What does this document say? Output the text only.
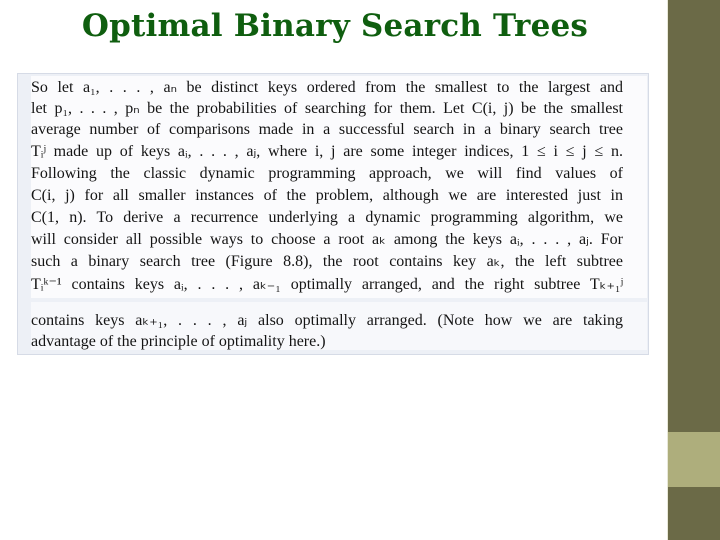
Optimal Binary Search Trees
So let a₁, . . . , aₙ be distinct keys ordered from the smallest to the largest and
let p₁, . . . , pₙ be the probabilities of searching for them. Let C(i, j) be the smallest
average number of comparisons made in a successful search in a binary search tree
Tᵢʲ made up of keys aᵢ, . . . , aⱼ, where i, j are some integer indices, 1 ≤ i ≤ j ≤ n.
Following the classic dynamic programming approach, we will find values of
C(i, j) for all smaller instances of the problem, although we are interested just in
C(1, n). To derive a recurrence underlying a dynamic programming algorithm, we
will consider all possible ways to choose a root aₖ among the keys aᵢ, . . . , aⱼ. For
such a binary search tree (Figure 8.8), the root contains key aₖ, the left subtree
Tᵢᵏ⁻¹ contains keys aᵢ, . . . , aₖ₋₁ optimally arranged, and the right subtree Tₖ₊₁ʲ
contains keys aₖ₊₁, . . . , aⱼ also optimally arranged. (Note how we are taking
advantage of the principle of optimality here.)
